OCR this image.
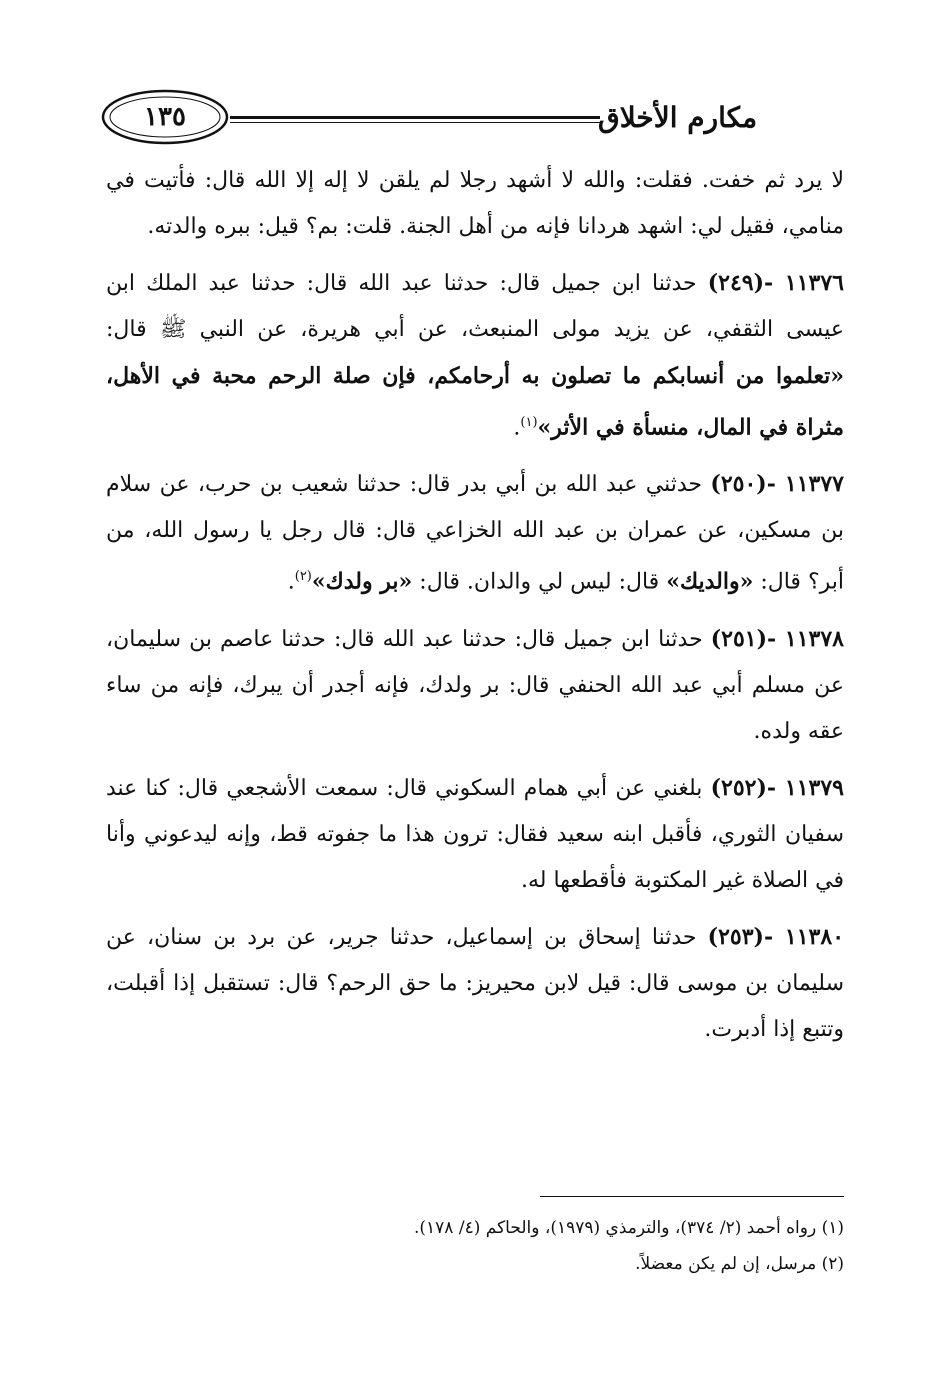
١٣٥	مكارم الأخلاق

لا يرد ثم خفت. فقلت: والله لا أشهد رجلا لم يلقن لا إله إلا الله قال: فأتيت في منامي، فقيل لي: اشهد هردانا فإنه من أهل الجنة. قلت: بم؟ قيل: ببره والدته.

١١٣٧٦ -(٢٤٩) حدثنا ابن جميل قال: حدثنا عبد الله قال: حدثنا عبد الملك ابن عيسى الثقفي، عن يزيد مولى المنبعث، عن أبي هريرة، عن النبي ﷺ قال: «تعلموا من أنسابكم ما تصلون به أرحامكم، فإن صلة الرحم محبة في الأهل، مثراة في المال، منسأة في الأثر»$^{(١)}$.

١١٣٧٧ -(٢٥٠) حدثني عبد الله بن أبي بدر قال: حدثنا شعيب بن حرب، عن سلام بن مسكين، عن عمران بن عبد الله الخزاعي قال: قال رجل يا رسول الله، من أبر؟ قال: «والديك» قال: ليس لي والدان. قال: «بر ولدك»$^{(٢)}$.

١١٣٧٨ -(٢٥١) حدثنا ابن جميل قال: حدثنا عبد الله قال: حدثنا عاصم بن سليمان، عن مسلم أبي عبد الله الحنفي قال: بر ولدك، فإنه أجدر أن يبرك، فإنه من ساء عقه ولده.

١١٣٧٩ -(٢٥٢) بلغني عن أبي همام السكوني قال: سمعت الأشجعي قال: كنا عند سفيان الثوري، فأقبل ابنه سعيد فقال: ترون هذا ما جفوته قط، وإنه ليدعوني وأنا في الصلاة غير المكتوبة فأقطعها له.

١١٣٨٠ -(٢٥٣) حدثنا إسحاق بن إسماعيل، حدثنا جرير، عن برد بن سنان، عن سليمان بن موسى قال: قيل لابن محيريز: ما حق الرحم؟ قال: تستقبل إذا أقبلت، وتتبع إذا أدبرت.

(١) رواه أحمد (٢/ ٣٧٤)، والترمذي (١٩٧٩)، والحاكم (٤/ ١٧٨).

(٢) مرسل، إن لم يكن معضلاً.
